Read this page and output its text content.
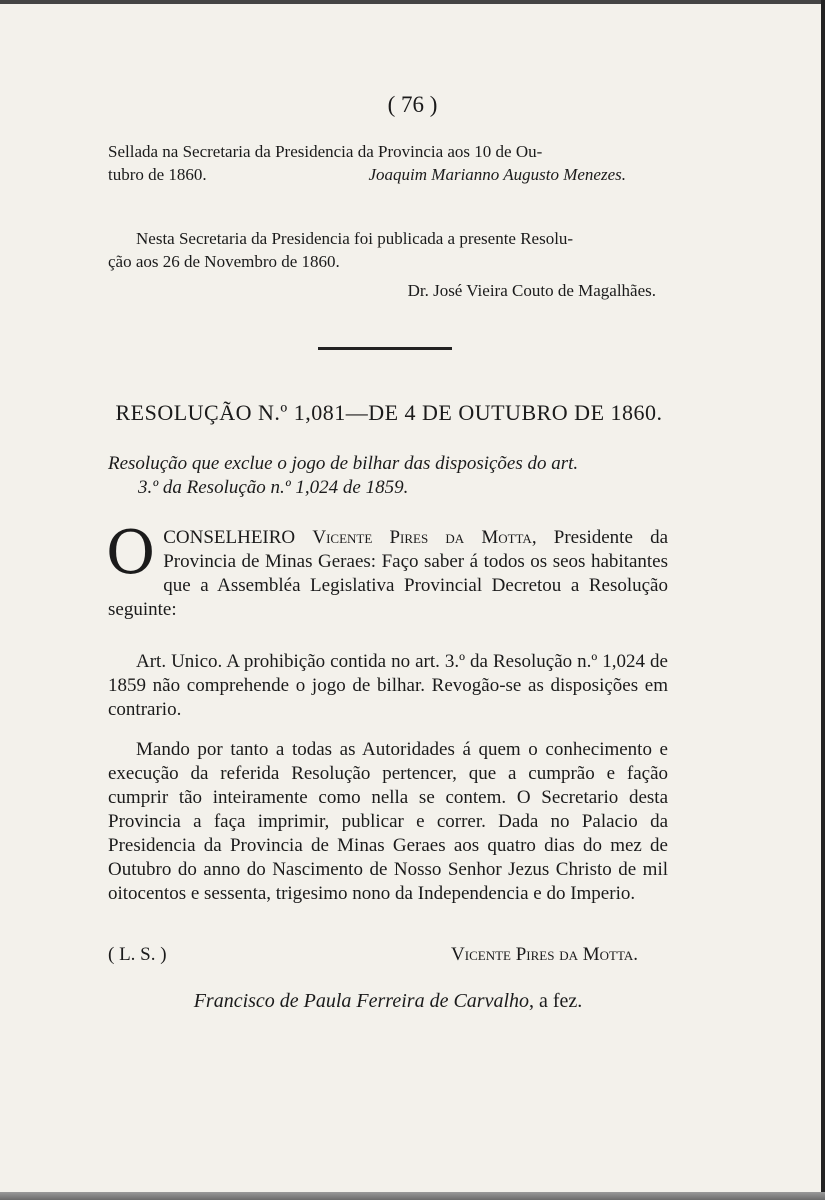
( 76 )

Sellada na Secretaria da Presidencia da Provincia aos 10 de Ou-

tubro de 1860.	Joaquim Marianno Augusto Menezes.

Nesta Secretaria da Presidencia foi publicada a presente Resolu-

ção aos 26 de Novembro de 1860.

Dr. José Vieira Couto de Magalhães.

RESOLUÇÃO N.º 1,081—DE 4 DE OUTUBRO DE 1860.

Resolução que exclue o jogo de bilhar das disposições do art.

3.º da Resolução n.º 1,024 de 1859.

O CONSELHEIRO Vicente Pires da Motta, Presidente da Provincia de Minas Geraes: Faço saber á todos os seos habitantes que a Assembléa Legislativa Provincial Decretou a Resolução seguinte:
Art. Unico. A prohibição contida no art. 3.º da Resolução n.º 1,024 de 1859 não comprehende o jogo de bilhar. Revogão-se as disposições em contrario.
Mando por tanto a todas as Autoridades á quem o conhecimento e execução da referida Resolução pertencer, que a cumprão e fação cumprir tão inteiramente como nella se contem. O Secretario desta Provincia a faça imprimir, publicar e correr. Dada no Palacio da Presidencia da Provincia de Minas Geraes aos quatro dias do mez de Outubro do anno do Nascimento de Nosso Senhor Jezus Christo de mil oitocentos e sessenta, trigesimo nono da Independencia e do Imperio.
( L. S. )	Vicente Pires da Motta.
Francisco de Paula Ferreira de Carvalho, a fez.
